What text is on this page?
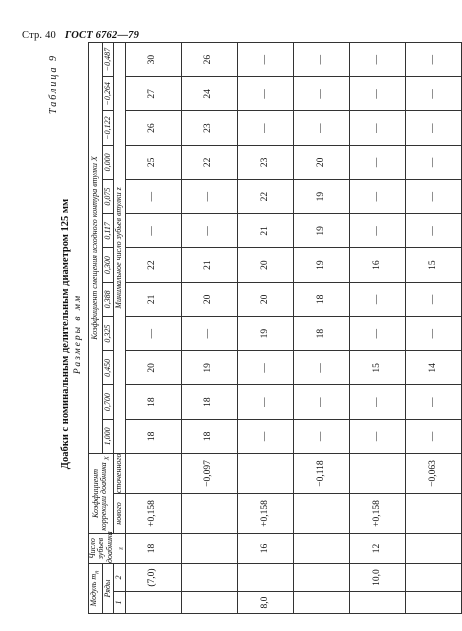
Стр. 40 ГОСТ 6762—79
Таблица 9
Доабки с номинальным делительным диаметром 125 мм Размеры в мм
Модуль $m_n$		Число зубьев доабника $_z$	Коэффициент коррекции доабника $_X$		Коэффициент смещения исходного контура втулки X											
Ряды					1,000	0,700	0,450	0,325	0,388	0,300	0,117	0,075	0,000	−0,122	−0,264	−0,487
1	2		нового	сточенного	Минимальное число зубьев втулки z											
	(7,0)	18	+0,158		18	18	20	—	21	22	—	—	25	26	27	30
				−0,097	18	18	19	—	20	21	—	—	22	23	24	26
8,0		16	+0,158		—	—	—	19	20	20	21	22	23	—	—	—
				−0,118	—	—	—	18	18	19	19	19	20	—	—	—
	10,0	12	+0,158		—	—	15	—	—	16	—	—	—	—	—	—
				−0,063	—	—	14	—	—	15	—	—	—	—	—	—
